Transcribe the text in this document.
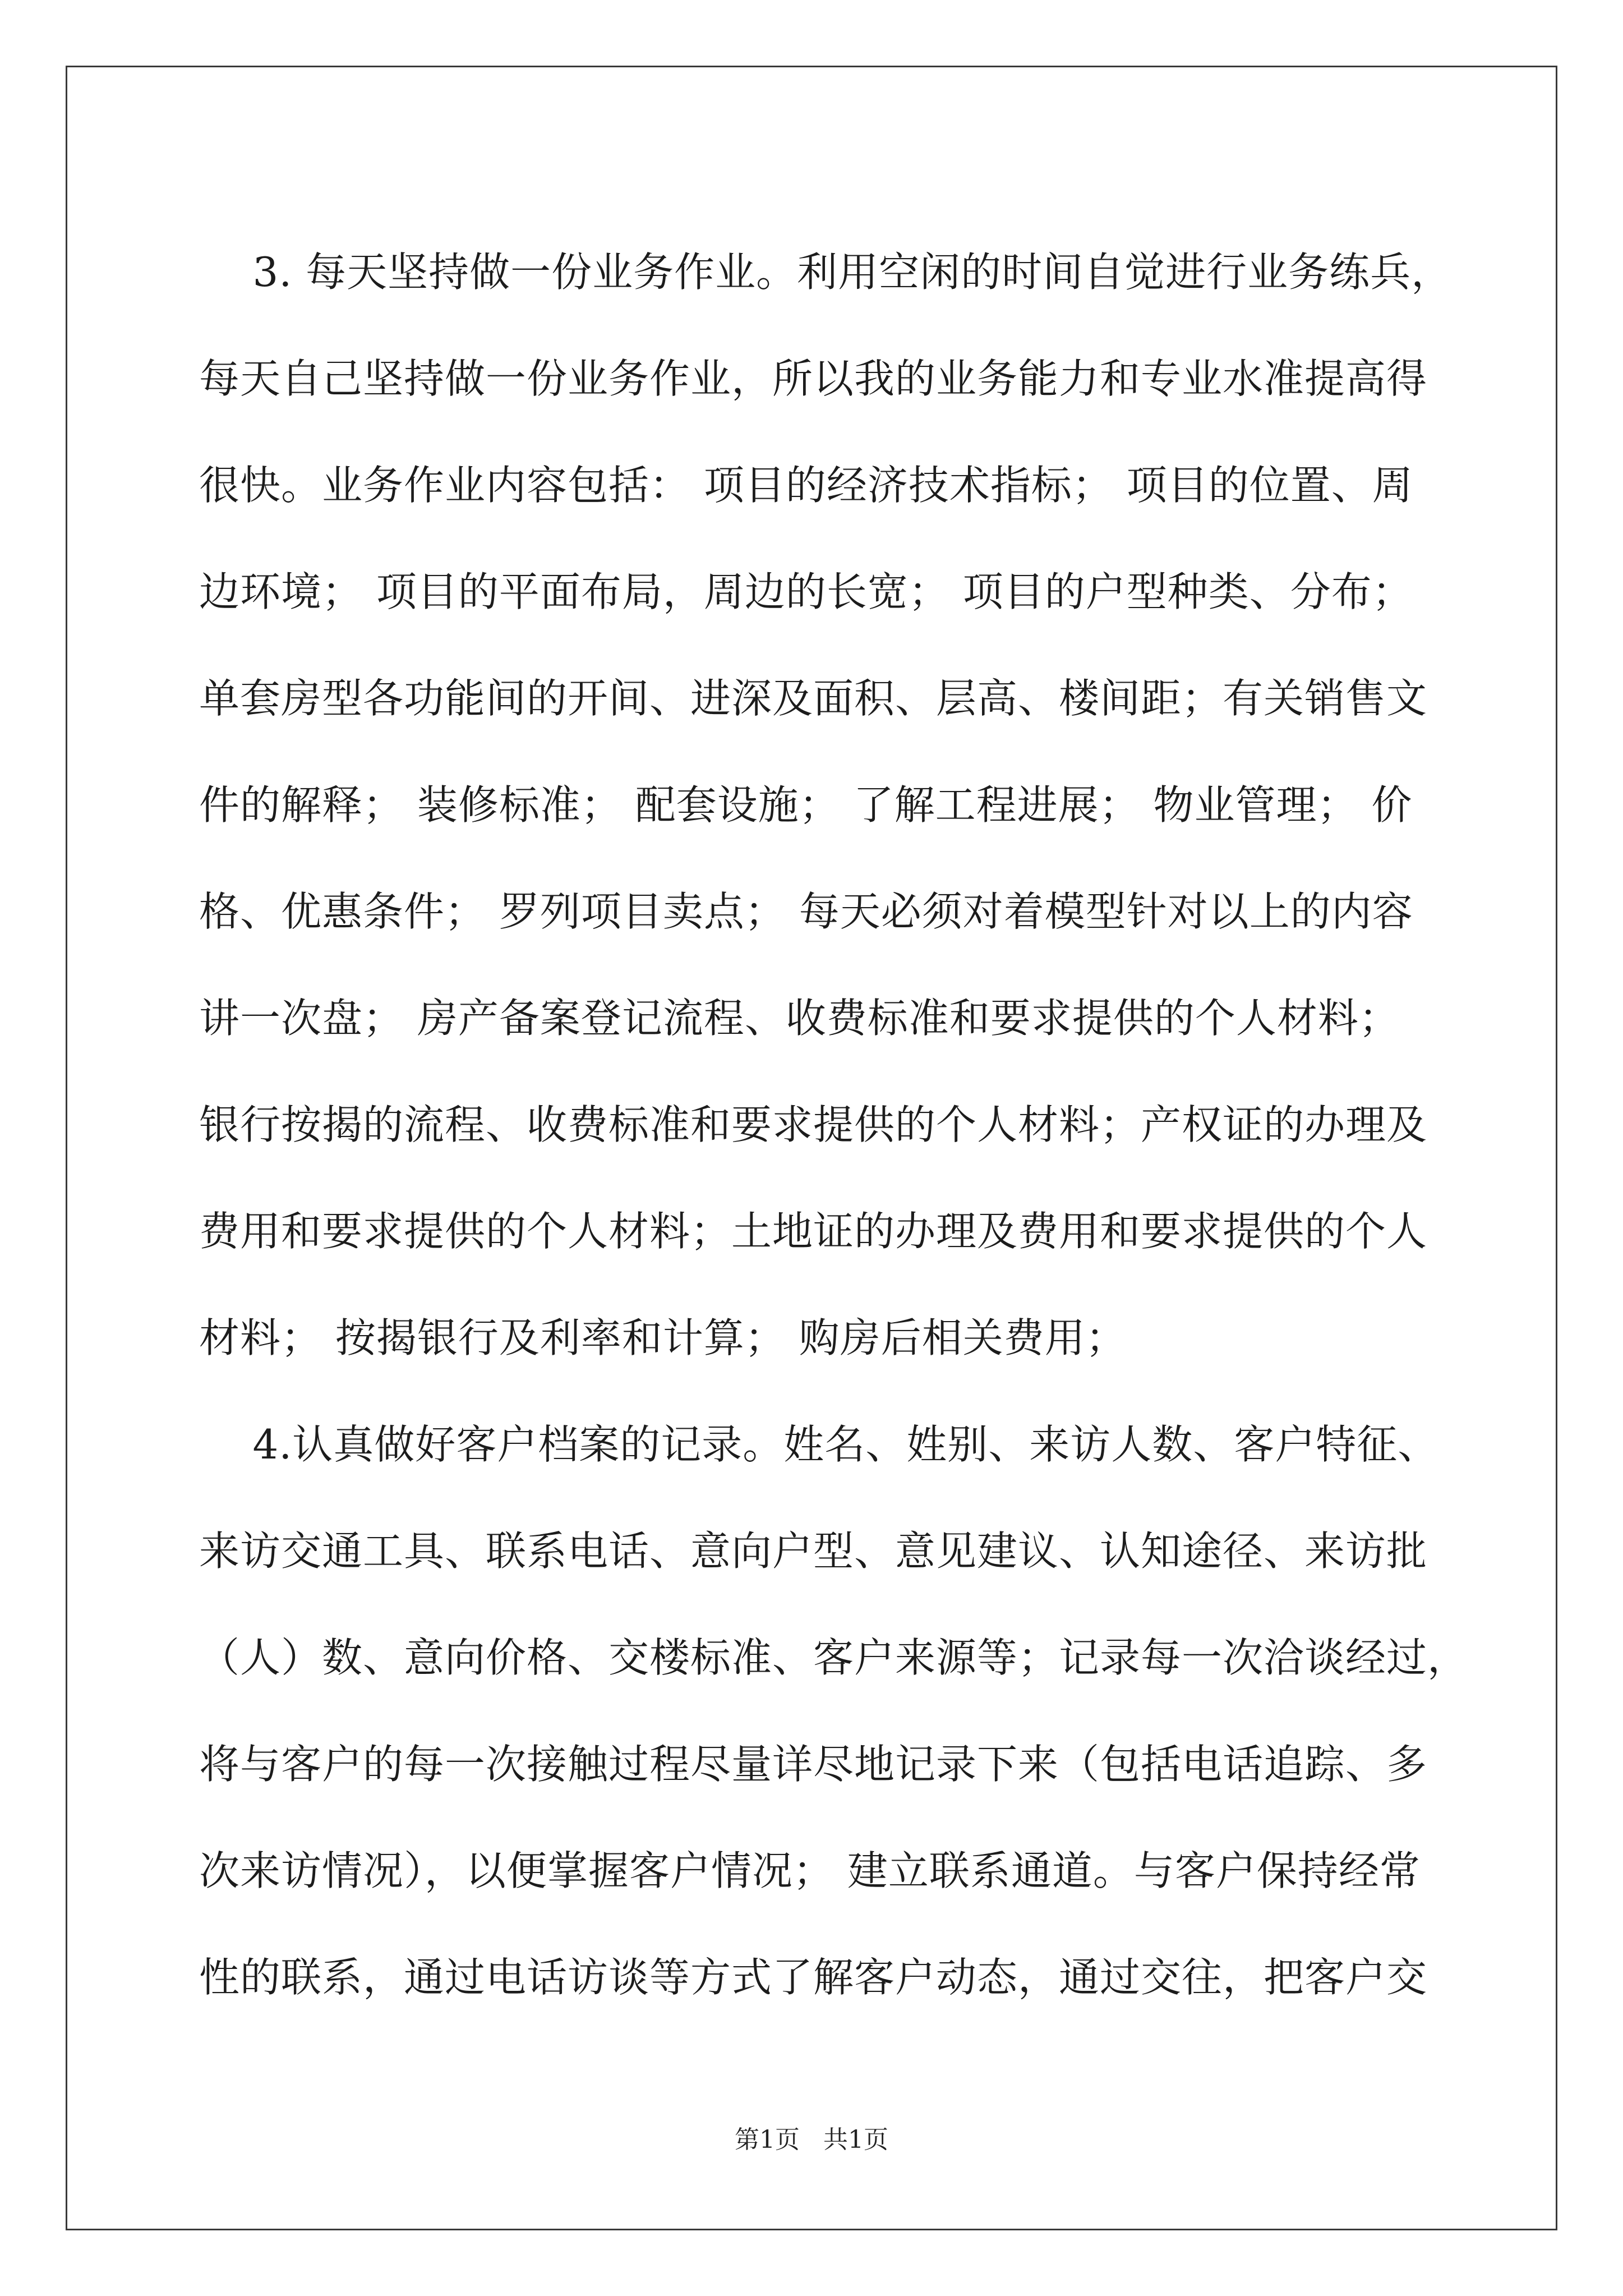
3. 每天坚持做一份业务作业。利用空闲的时间自觉进行业务练兵，
每天自己坚持做一份业务作业，所以我的业务能力和专业水准提高得
很快。业务作业内容包括： 项目的经济技术指标； 项目的位置、周
边环境； 项目的平面布局，周边的长宽； 项目的户型种类、分布；
单套房型各功能间的开间、进深及面积、层高、楼间距；有关销售文
件的解释； 装修标准； 配套设施； 了解工程进展； 物业管理； 价
格、优惠条件； 罗列项目卖点； 每天必须对着模型针对以上的内容
讲一次盘； 房产备案登记流程、收费标准和要求提供的个人材料；
银行按揭的流程、收费标准和要求提供的个人材料；产权证的办理及
费用和要求提供的个人材料；土地证的办理及费用和要求提供的个人
材料； 按揭银行及利率和计算； 购房后相关费用；
4.认真做好客户档案的记录。姓名、姓别、来访人数、客户特征、
来访交通工具、联系电话、意向户型、意见建议、认知途径、来访批
（人）数、意向价格、交楼标准、客户来源等；记录每一次洽谈经过，
将与客户的每一次接触过程尽量详尽地记录下来（包括电话追踪、多
次来访情况），以便掌握客户情况； 建立联系通道。与客户保持经常
性的联系，通过电话访谈等方式了解客户动态，通过交往，把客户交
第1页   共1页
